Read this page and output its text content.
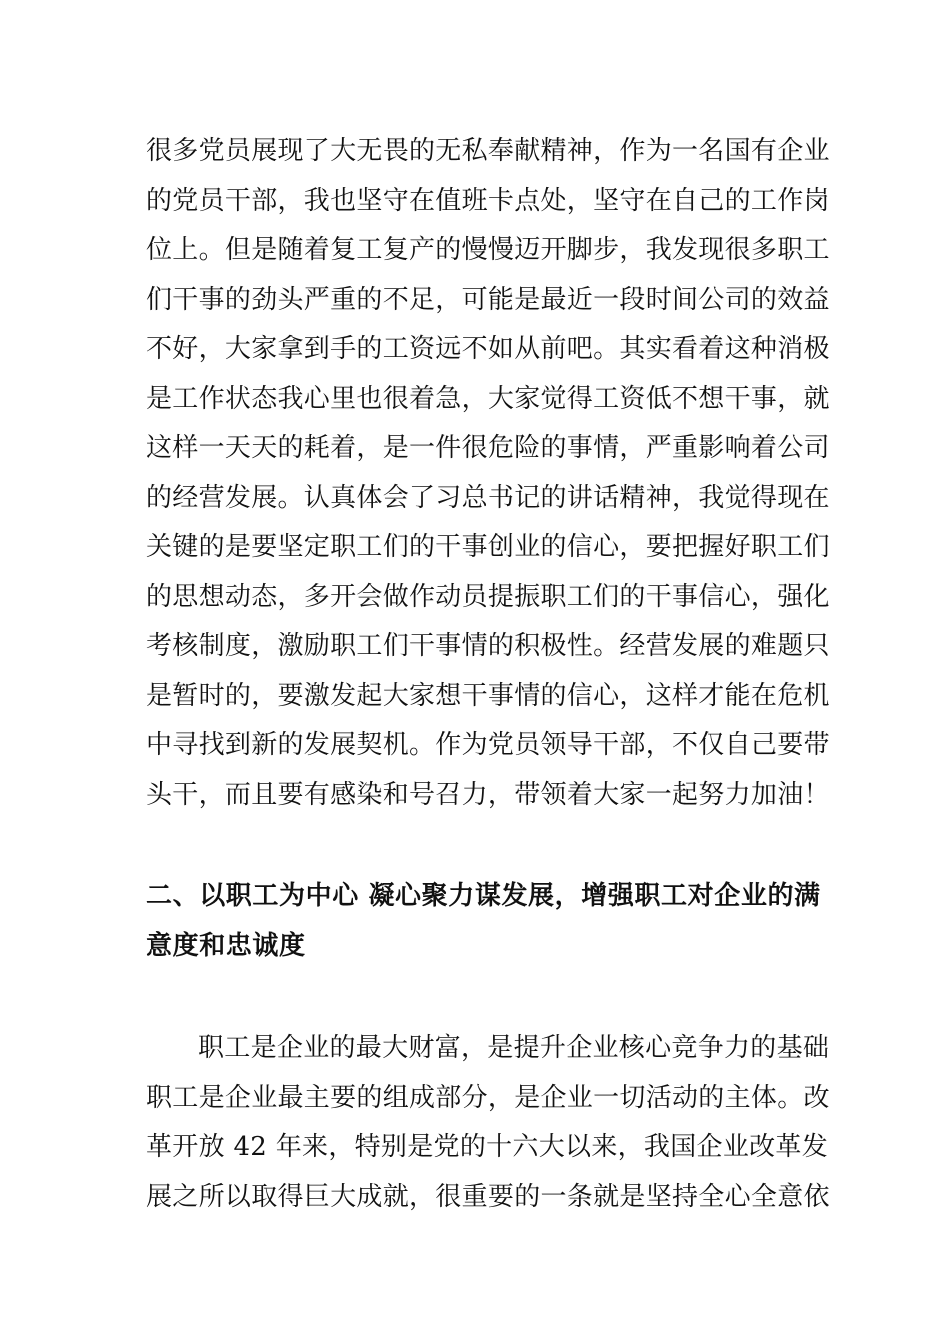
很多党员展现了大无畏的无私奉献精神，作为一名国有企业
的党员干部，我也坚守在值班卡点处，坚守在自己的工作岗
位上。但是随着复工复产的慢慢迈开脚步，我发现很多职工
们干事的劲头严重的不足，可能是最近一段时间公司的效益
不好，大家拿到手的工资远不如从前吧。其实看着这种消极
是工作状态我心里也很着急，大家觉得工资低不想干事，就
这样一天天的耗着，是一件很危险的事情，严重影响着公司
的经营发展。认真体会了习总书记的讲话精神，我觉得现在
关键的是要坚定职工们的干事创业的信心，要把握好职工们
的思想动态，多开会做作动员提振职工们的干事信心，强化
考核制度，激励职工们干事情的积极性。经营发展的难题只
是暂时的，要激发起大家想干事情的信心，这样才能在危机
中寻找到新的发展契机。作为党员领导干部，不仅自己要带
头干，而且要有感染和号召力，带领着大家一起努力加油！
二、以职工为中心 凝心聚力谋发展，增强职工对企业的满
意度和忠诚度
职工是企业的最大财富，是提升企业核心竞争力的基础
职工是企业最主要的组成部分，是企业一切活动的主体。改
革开放 42 年来，特别是党的十六大以来，我国企业改革发
展之所以取得巨大成就，很重要的一条就是坚持全心全意依
